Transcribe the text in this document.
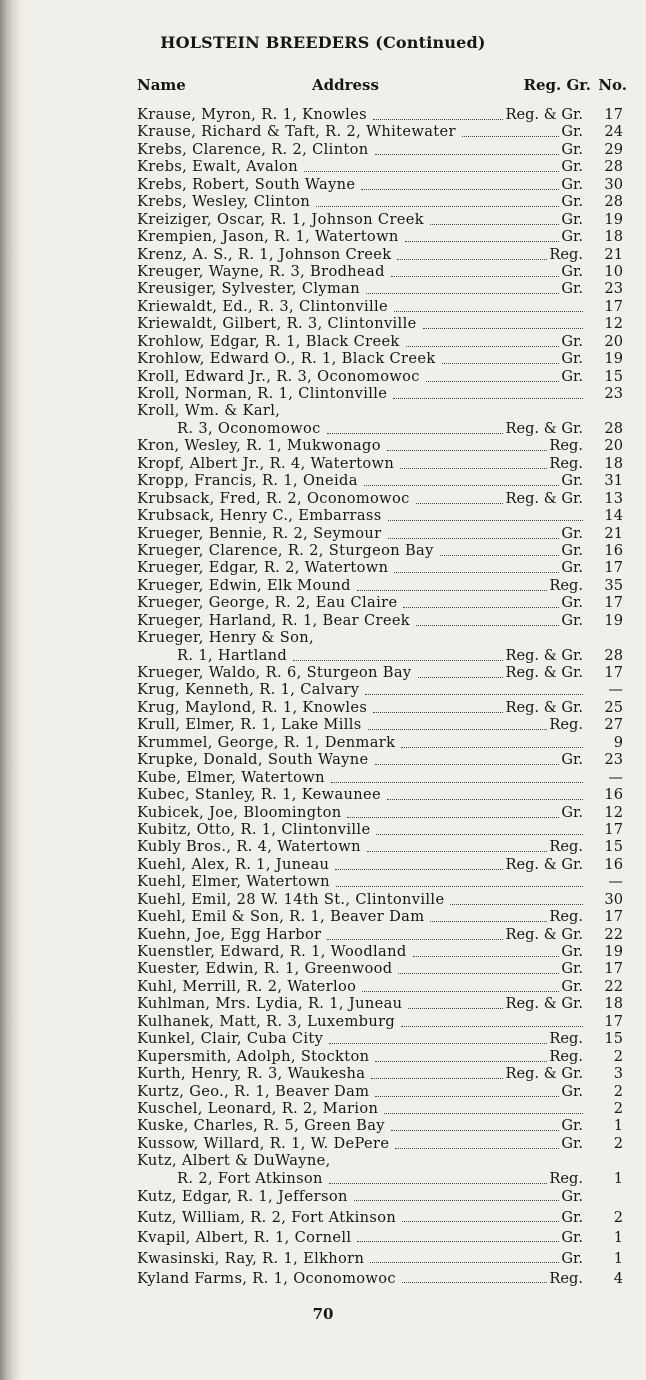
HOLSTEIN BREEDERS (Continued)
Name	Address	Reg. Gr. No.
Krause, Myron, R. 1, Knowles	Reg. & Gr. 17
Krause, Richard & Taft, R. 2, Whitewater	Gr. 24
Krebs, Clarence, R. 2, Clinton	Gr. 29
Krebs, Ewalt, Avalon	Gr. 28
Krebs, Robert, South Wayne	Gr. 30
Krebs, Wesley, Clinton	Gr. 28
Kreiziger, Oscar, R. 1, Johnson Creek	Gr. 19
Krempien, Jason, R. 1, Watertown	Gr. 18
Krenz, A. S., R. 1, Johnson Creek	Reg. 21
Kreuger, Wayne, R. 3, Brodhead	Gr. 10
Kreusiger, Sylvester, Clyman	Gr. 23
Kriewaldt, Ed., R. 3, Clintonville	17
Kriewaldt, Gilbert, R. 3, Clintonville	12
Krohlow, Edgar, R. 1, Black Creek	Gr. 20
Krohlow, Edward O., R. 1, Black Creek	Gr. 19
Kroll, Edward Jr., R. 3, Oconomowoc	Gr. 15
Kroll, Norman, R. 1, Clintonville	23
Kroll, Wm. & Karl,
R. 3, Oconomowoc	Reg. & Gr. 28
Kron, Wesley, R. 1, Mukwonago	Reg. 20
Kropf, Albert Jr., R. 4, Watertown	Reg. 18
Kropp, Francis, R. 1, Oneida	Gr. 31
Krubsack, Fred, R. 2, Oconomowoc	Reg. & Gr. 13
Krubsack, Henry C., Embarrass	14
Krueger, Bennie, R. 2, Seymour	Gr. 21
Krueger, Clarence, R. 2, Sturgeon Bay	Gr. 16
Krueger, Edgar, R. 2, Watertown	Gr. 17
Krueger, Edwin, Elk Mound	Reg. 35
Krueger, George, R. 2, Eau Claire	Gr. 17
Krueger, Harland, R. 1, Bear Creek	Gr. 19
Krueger, Henry & Son,
R. 1, Hartland	Reg. & Gr. 28
Krueger, Waldo, R. 6, Sturgeon Bay	Reg. & Gr. 17
Krug, Kenneth, R. 1, Calvary	—
Krug, Maylond, R. 1, Knowles	Reg. & Gr. 25
Krull, Elmer, R. 1, Lake Mills	Reg. 27
Krummel, George, R. 1, Denmark	9
Krupke, Donald, South Wayne	Gr. 23
Kube, Elmer, Watertown	—
Kubec, Stanley, R. 1, Kewaunee	16
Kubicek, Joe, Bloomington	Gr. 12
Kubitz, Otto, R. 1, Clintonville	17
Kubly Bros., R. 4, Watertown	Reg. 15
Kuehl, Alex, R. 1, Juneau	Reg. & Gr. 16
Kuehl, Elmer, Watertown	—
Kuehl, Emil, 28 W. 14th St., Clintonville	30
Kuehl, Emil & Son, R. 1, Beaver Dam	Reg. 17
Kuehn, Joe, Egg Harbor	Reg. & Gr. 22
Kuenstler, Edward, R. 1, Woodland	Gr. 19
Kuester, Edwin, R. 1, Greenwood	Gr. 17
Kuhl, Merrill, R. 2, Waterloo	Gr. 22
Kuhlman, Mrs. Lydia, R. 1, Juneau	Reg. & Gr. 18
Kulhanek, Matt, R. 3, Luxemburg	17
Kunkel, Clair, Cuba City	Reg. 15
Kupersmith, Adolph, Stockton	Reg. 2
Kurth, Henry, R. 3, Waukesha	Reg. & Gr. 3
Kurtz, Geo., R. 1, Beaver Dam	Gr. 2
Kuschel, Leonard, R. 2, Marion	2
Kuske, Charles, R. 5, Green Bay	Gr. 1
Kussow, Willard, R. 1, W. DePere	Gr. 2
Kutz, Albert & DuWayne,
R. 2, Fort Atkinson	Reg. 1
Kutz, Edgar, R. 1, Jefferson	Gr.
Kutz, William, R. 2, Fort Atkinson	Gr. 2
Kvapil, Albert, R. 1, Cornell	Gr. 1
Kwasinski, Ray, R. 1, Elkhorn	Gr. 1
Kyland Farms, R. 1, Oconomowoc	Reg. 4
70
